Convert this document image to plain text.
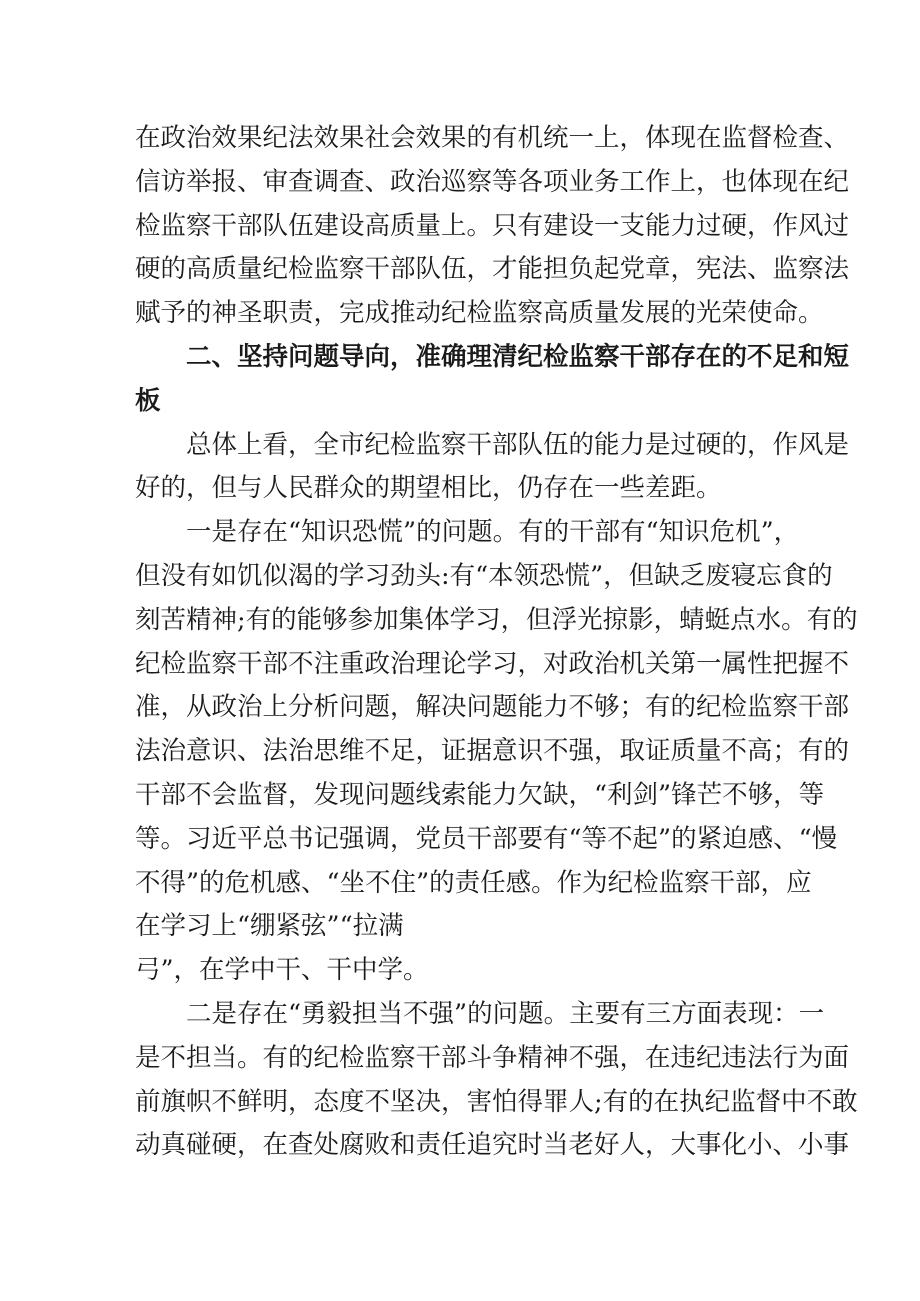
在政治效果纪法效果社会效果的有机统一上，体现在监督检查、
信访举报、审查调查、政治巡察等各项业务工作上，也体现在纪
检监察干部队伍建设高质量上。只有建设一支能力过硬，作风过
硬的高质量纪检监察干部队伍，才能担负起党章，宪法、监察法
赋予的神圣职责，完成推动纪检监察高质量发展的光荣使命。
二、坚持问题导向，准确理清纪检监察干部存在的不足和短
板
总体上看，全市纪检监察干部队伍的能力是过硬的，作风是
好的，但与人民群众的期望相比，仍存在一些差距。
一是存在“知识恐慌”的问题。有的干部有“知识危机”，
但没有如饥似渴的学习劲头:有“本领恐慌”，但缺乏废寝忘食的
刻苦精神;有的能够参加集体学习，但浮光掠影，蜻蜓点水。有的
纪检监察干部不注重政治理论学习，对政治机关第一属性把握不
准，从政治上分析问题，解决问题能力不够；有的纪检监察干部
法治意识、法治思维不足，证据意识不强，取证质量不高；有的
干部不会监督，发现问题线索能力欠缺，“利剑”锋芒不够，等
等。习近平总书记强调，党员干部要有“等不起”的紧迫感、“慢
不得”的危机感、“坐不住”的责任感。作为纪检监察干部，应
在学习上“绷紧弦”“拉满
弓”，在学中干、干中学。
二是存在“勇毅担当不强”的问题。主要有三方面表现：一
是不担当。有的纪检监察干部斗争精神不强，在违纪违法行为面
前旗帜不鲜明，态度不坚决，害怕得罪人;有的在执纪监督中不敢
动真碰硬，在查处腐败和责任追究时当老好人，大事化小、小事
